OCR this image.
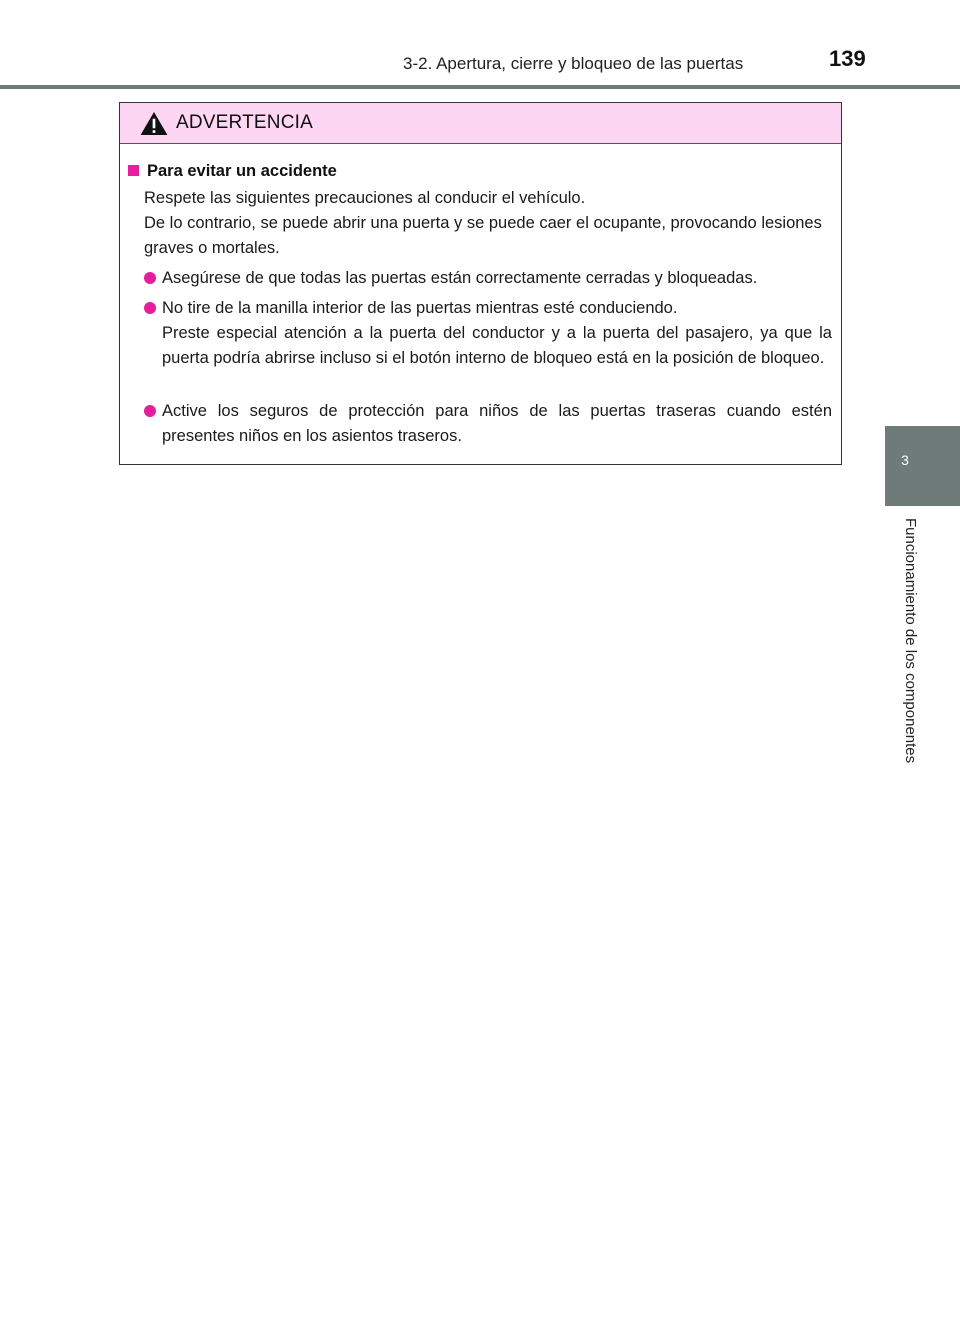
3-2. Apertura, cierre y bloqueo de las puertas	139
3
Funcionamiento de los componentes
ADVERTENCIA
Para evitar un accidente

Respete las siguientes precauciones al conducir el vehículo.

De lo contrario, se puede abrir una puerta y se puede caer el ocupante, provocando lesiones graves o mortales.

Asegúrese de que todas las puertas están correctamente cerradas y bloqueadas.

No tire de la manilla interior de las puertas mientras esté conduciendo.

Preste especial atención a la puerta del conductor y a la puerta del pasajero, ya que la puerta podría abrirse incluso si el botón interno de bloqueo está en la posición de bloqueo.

Active los seguros de protección para niños de las puertas traseras cuando estén presentes niños en los asientos traseros.
